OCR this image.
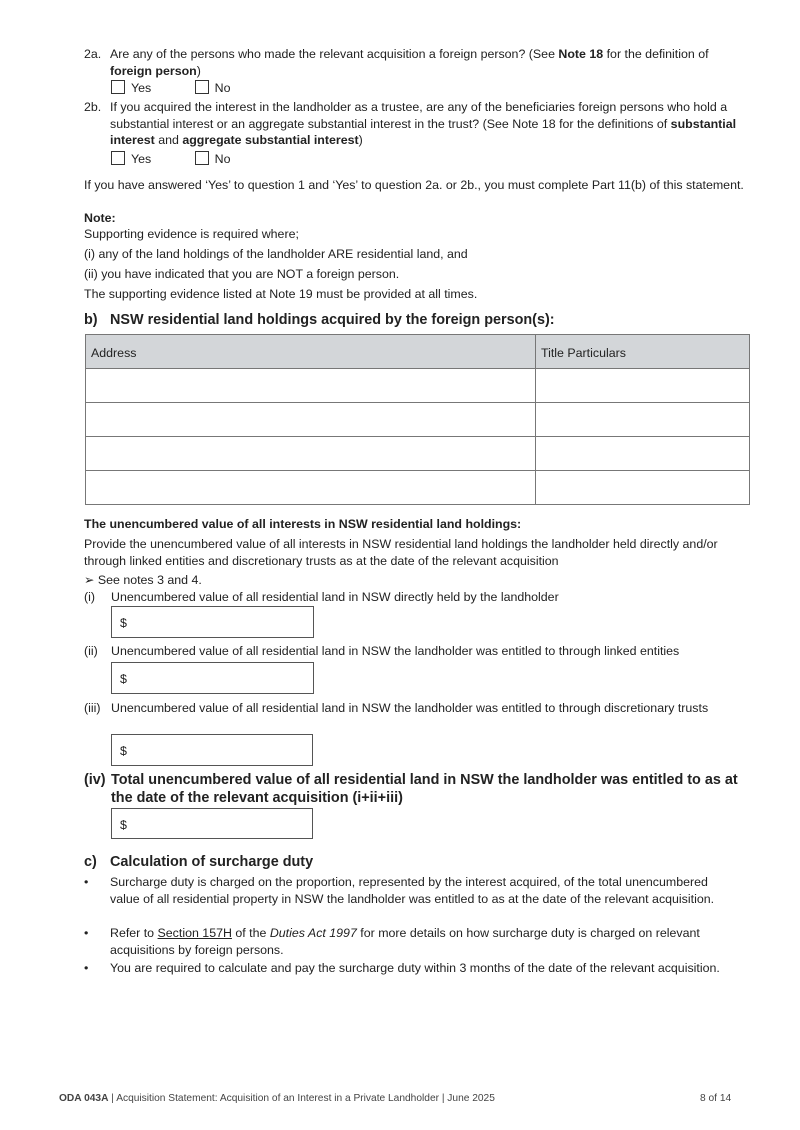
2a. Are any of the persons who made the relevant acquisition a foreign person? (See Note 18 for the definition of foreign person)
Yes	No
2b. If you acquired the interest in the landholder as a trustee, are any of the beneficiaries foreign persons who hold a substantial interest or an aggregate substantial interest in the trust? (See Note 18 for the definitions of substantial interest and aggregate substantial interest)
Yes	No
If you have answered ‘Yes’ to question 1 and ‘Yes’ to question 2a. or 2b., you must complete Part 11(b) of this statement.
Note:
Supporting evidence is required where;
(i) any of the land holdings of the landholder ARE residential land, and
(ii) you have indicated that you are NOT a foreign person.
The supporting evidence listed at Note 19 must be provided at all times.
b) NSW residential land holdings acquired by the foreign person(s):
Address	Title Particulars

The unencumbered value of all interests in NSW residential land holdings:
Provide the unencumbered value of all interests in NSW residential land holdings the landholder held directly and/or through linked entities and discretionary trusts as at the date of the relevant acquisition
➢ See notes 3 and 4.
(i) Unencumbered value of all residential land in NSW directly held by the landholder
$
(ii) Unencumbered value of all residential land in NSW the landholder was entitled to through linked entities
$
(iii) Unencumbered value of all residential land in NSW the landholder was entitled to through discretionary trusts
$
(iv) Total unencumbered value of all residential land in NSW the landholder was entitled to as at the date of the relevant acquisition (i+ii+iii)
$
c) Calculation of surcharge duty
• Surcharge duty is charged on the proportion, represented by the interest acquired, of the total unencumbered value of all residential property in NSW the landholder was entitled to as at the date of the relevant acquisition.
• Refer to Section 157H of the Duties Act 1997 for more details on how surcharge duty is charged on relevant acquisitions by foreign persons.
• You are required to calculate and pay the surcharge duty within 3 months of the date of the relevant acquisition.
ODA 043A | Acquisition Statement: Acquisition of an Interest in a Private Landholder | June 2025	8 of 14
